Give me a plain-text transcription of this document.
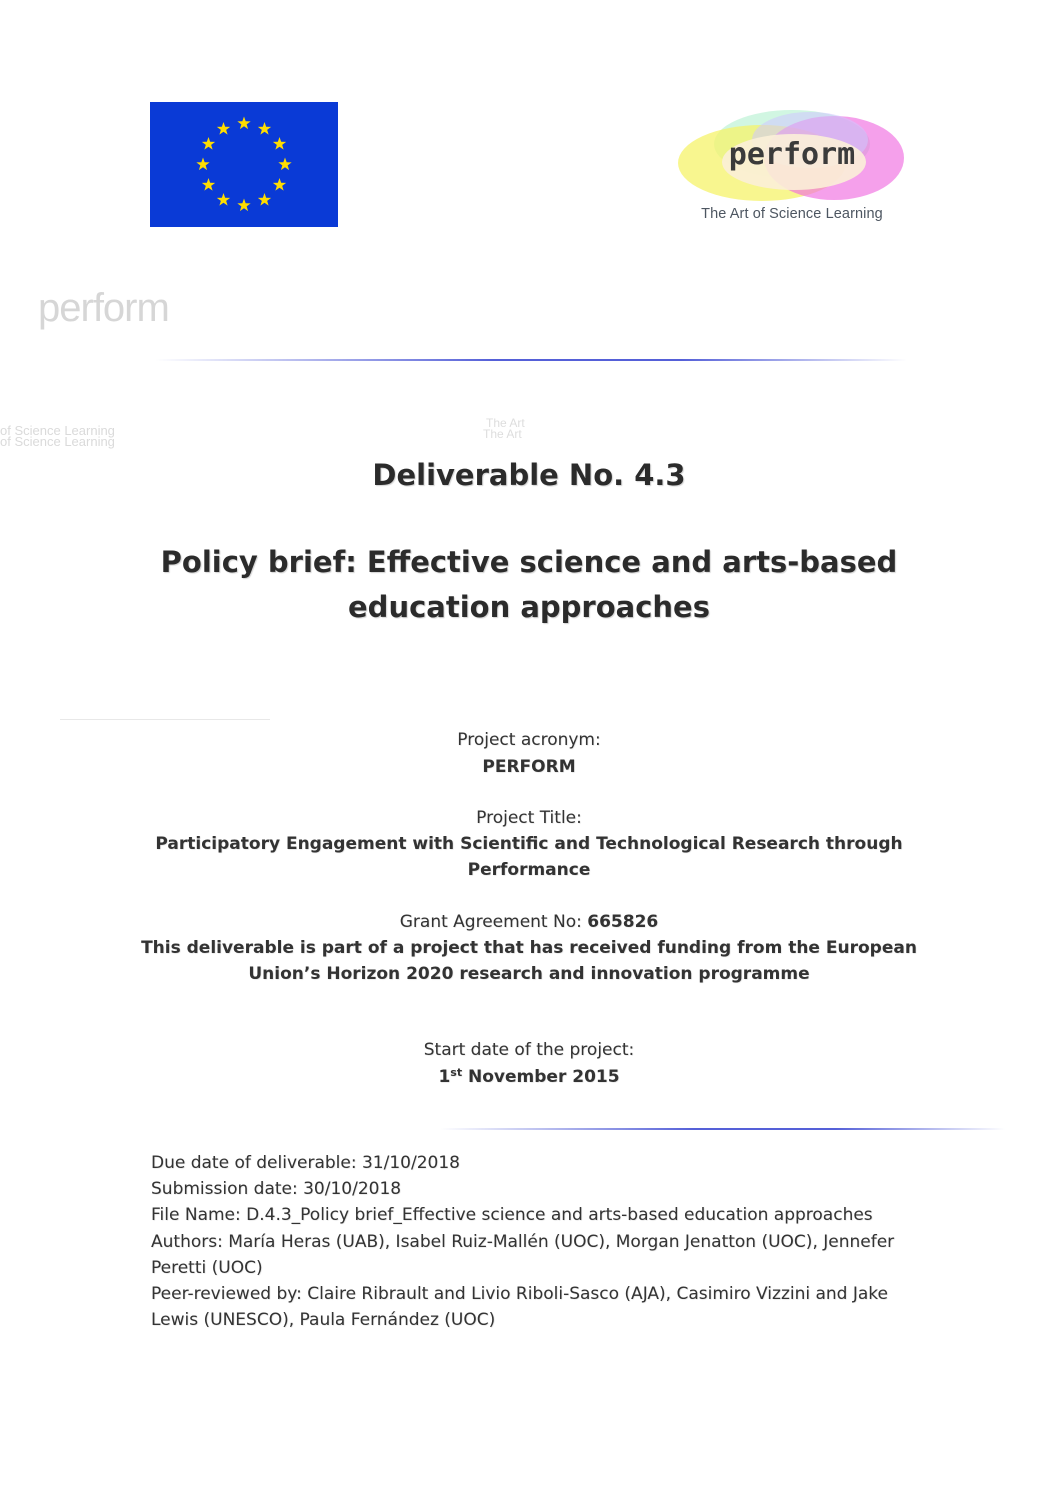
perform
The Art of Science Learning
perform
of Science Learning
of Science Learning
The Art
The Art
Deliverable No. 4.3
Policy brief: Effective science and arts-based
education approaches
Project acronym:
PERFORM
Project Title:
Participatory Engagement with Scientific and Technological Research through
Performance
Grant Agreement No: 665826
This deliverable is part of a project that has received funding from the European
Union’s Horizon 2020 research and innovation programme
Start date of the project:
1st November 2015
Due date of deliverable: 31/10/2018
Submission date: 30/10/2018
File Name: D.4.3_Policy brief_Effective science and arts-based education approaches
Authors: María Heras (UAB), Isabel Ruiz-Mallén (UOC), Morgan Jenatton (UOC), Jennefer
Peretti (UOC)
Peer-reviewed by: Claire Ribrault and Livio Riboli-Sasco (AJA), Casimiro Vizzini and Jake
Lewis (UNESCO), Paula Fernández (UOC)
